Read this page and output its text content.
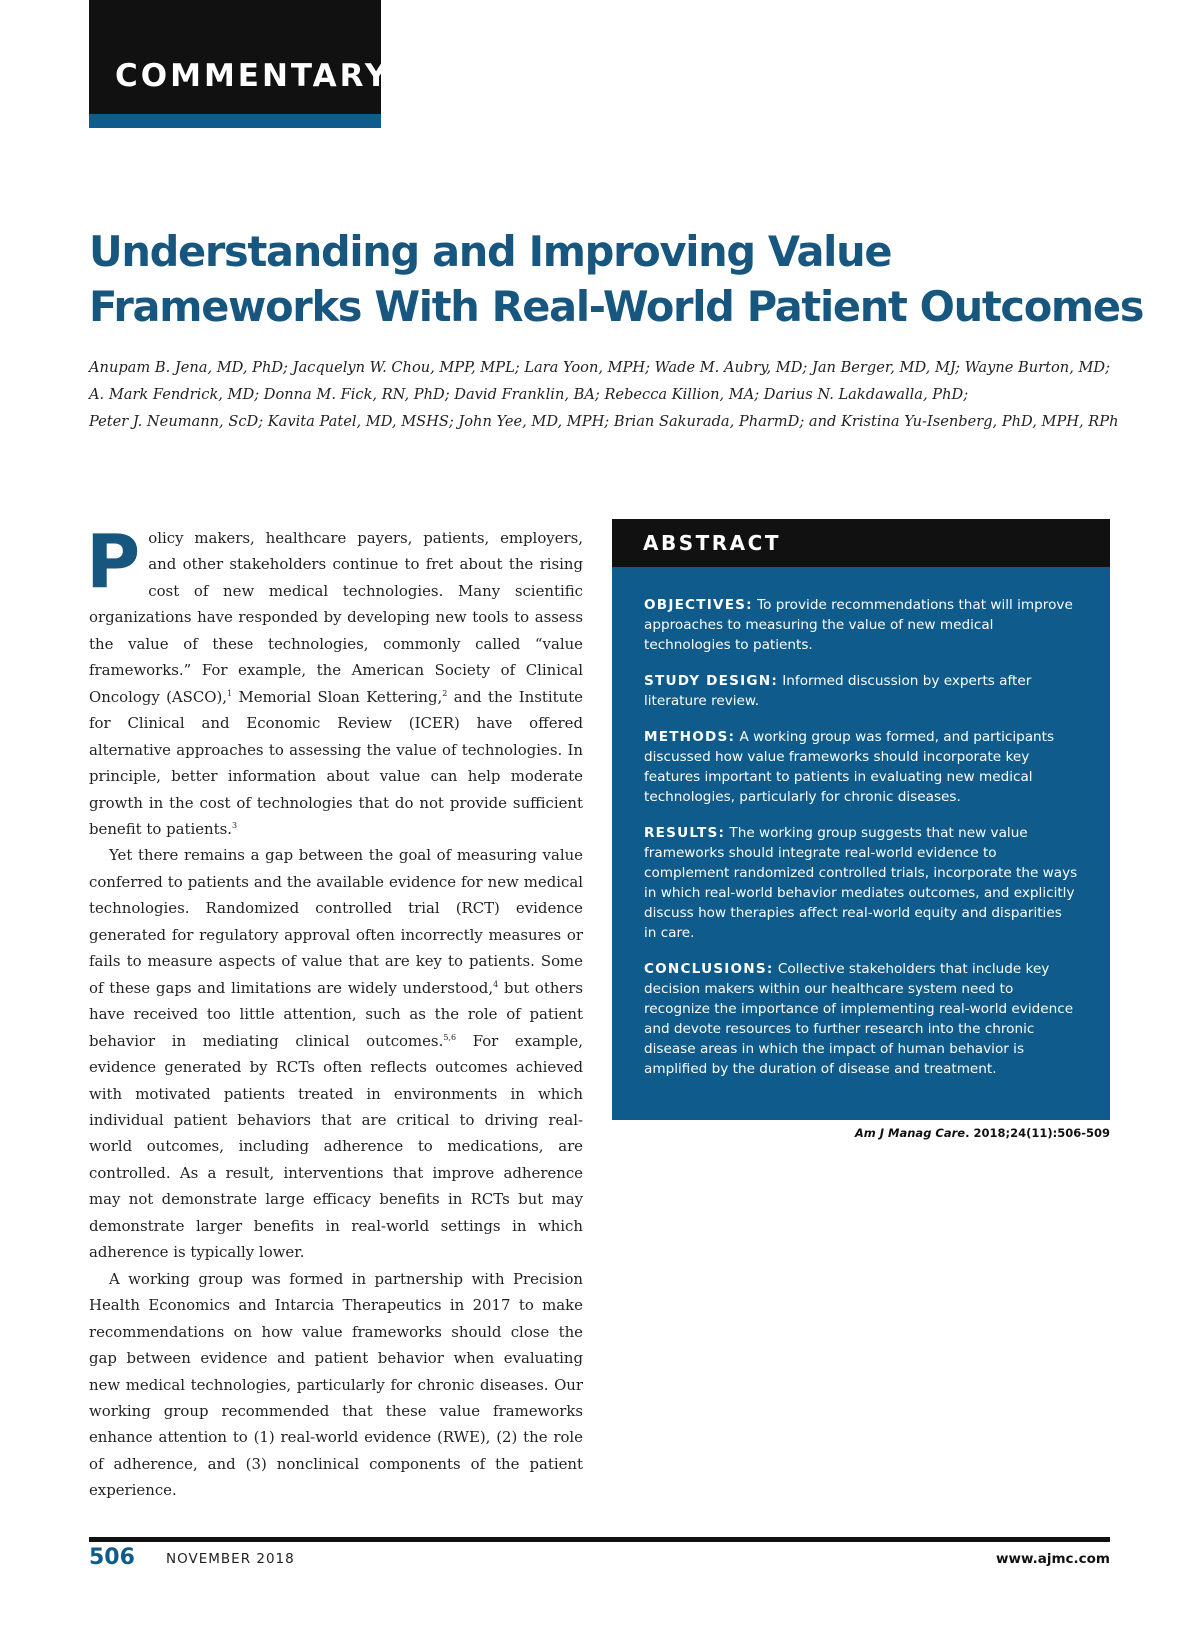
COMMENTARY
Understanding and Improving Value
Frameworks With Real-World Patient Outcomes
Anupam B. Jena, MD, PhD; Jacquelyn W. Chou, MPP, MPL; Lara Yoon, MPH; Wade M. Aubry, MD; Jan Berger, MD, MJ; Wayne Burton, MD;
A. Mark Fendrick, MD; Donna M. Fick, RN, PhD; David Franklin, BA; Rebecca Killion, MA; Darius N. Lakdawalla, PhD;
Peter J. Neumann, ScD; Kavita Patel, MD, MSHS; John Yee, MD, MPH; Brian Sakurada, PharmD; and Kristina Yu-Isenberg, PhD, MPH, RPh

Policy makers, healthcare payers, patients, employers, and other stakeholders continue to fret about the rising cost of new medical technologies. Many scientific organizations have responded by developing new tools to assess the value of these technologies, commonly called “value frameworks.” For example, the American Society of Clinical Oncology (ASCO),$^1$ Memorial Sloan Kettering,$^2$ and the Institute for Clinical and Economic Review (ICER) have offered alternative approaches to assessing the value of technologies. In principle, better information about value can help moderate growth in the cost of technologies that do not provide sufficient benefit to patients.$^3$

Yet there remains a gap between the goal of measuring value conferred to patients and the available evidence for new medical technologies. Randomized controlled trial (RCT) evidence generated for regulatory approval often incorrectly measures or fails to measure aspects of value that are key to patients. Some of these gaps and limitations are widely understood,$^4$ but others have received too little attention, such as the role of patient behavior in mediating clinical outcomes.$^{5,6}$ For example, evidence generated by RCTs often reflects outcomes achieved with motivated patients treated in environments in which individual patient behaviors that are critical to driving real-world outcomes, including adherence to medications, are controlled. As a result, interventions that improve adherence may not demonstrate large efficacy benefits in RCTs but may demonstrate larger benefits in real-world settings in which adherence is typically lower.

A working group was formed in partnership with Precision Health Economics and Intarcia Therapeutics in 2017 to make recommendations on how value frameworks should close the gap between evidence and patient behavior when evaluating new medical technologies, particularly for chronic diseases. Our working group recommended that these value frameworks enhance attention to (1) real-world evidence (RWE), (2) the role of adherence, and (3) nonclinical components of the patient experience.

ABSTRACT

OBJECTIVES: To provide recommendations that will improve approaches to measuring the value of new medical technologies to patients.

STUDY DESIGN: Informed discussion by experts after literature review.

METHODS: A working group was formed, and participants discussed how value frameworks should incorporate key features important to patients in evaluating new medical technologies, particularly for chronic diseases.

RESULTS: The working group suggests that new value frameworks should integrate real-world evidence to complement randomized controlled trials, incorporate the ways in which real-world behavior mediates outcomes, and explicitly discuss how therapies affect real-world equity and disparities in care.

CONCLUSIONS: Collective stakeholders that include key decision makers within our healthcare system need to recognize the importance of implementing real-world evidence and devote resources to further research into the chronic disease areas in which the impact of human behavior is amplified by the duration of disease and treatment.

Am J Manag Care. 2018;24(11):506-509
506 NOVEMBER 2018	www.ajmc.com
